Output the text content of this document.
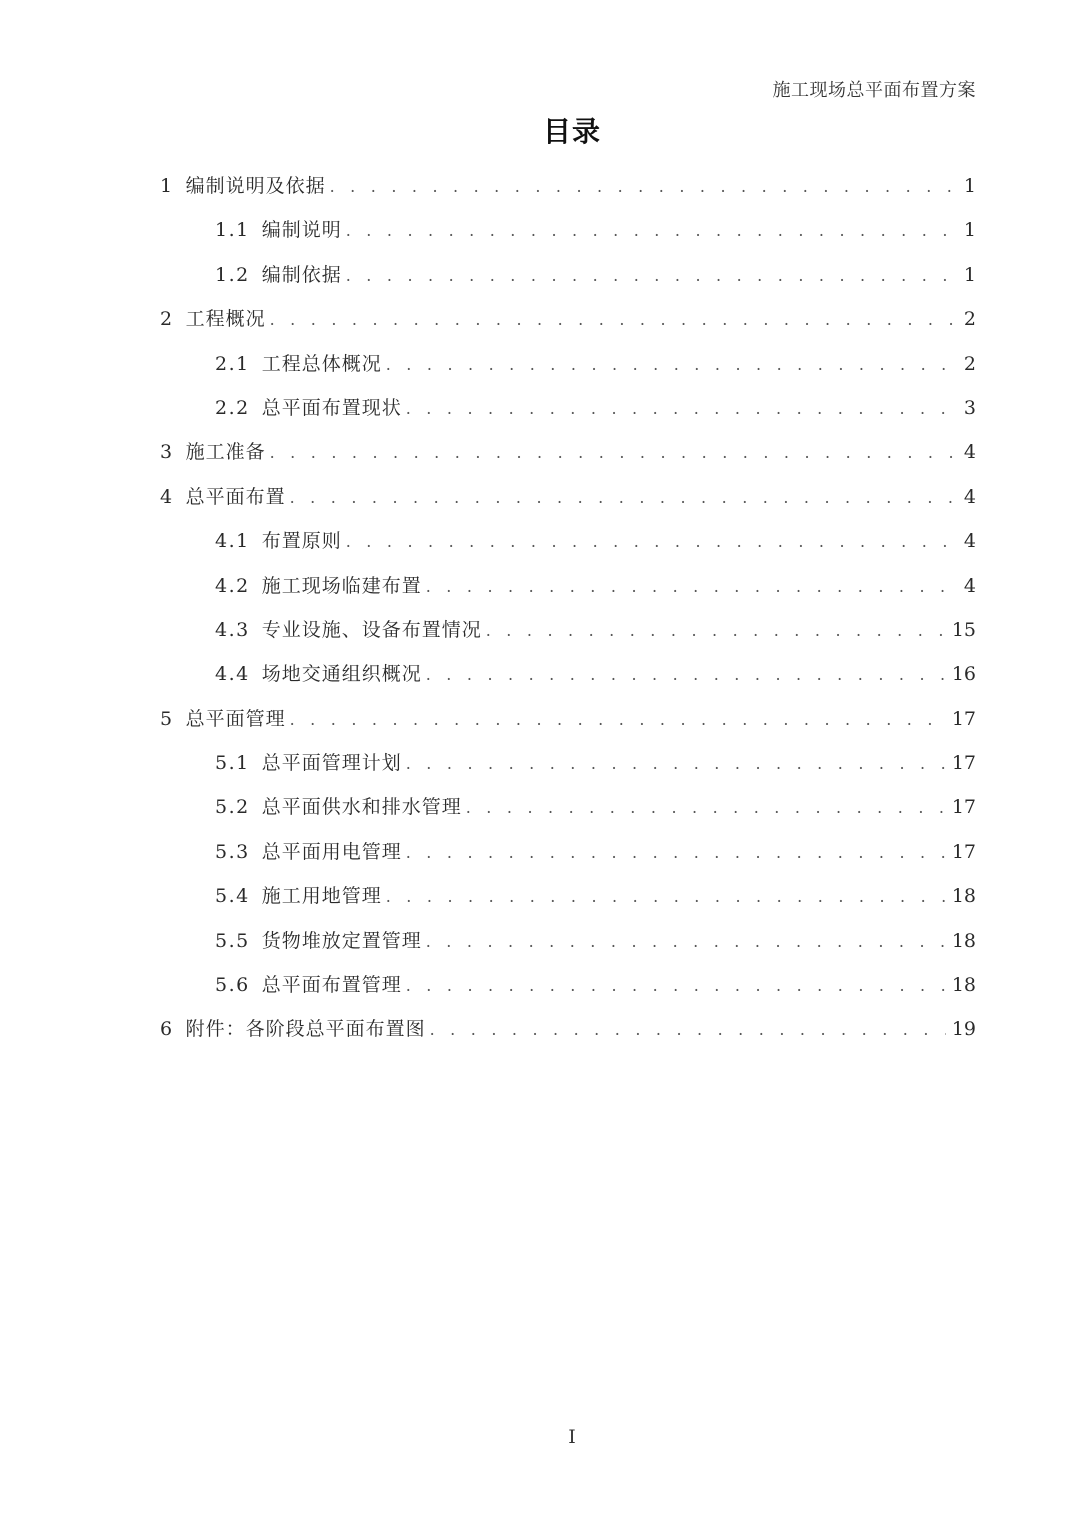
施工现场总平面布置方案
目录
1 编制说明及依据 . . .	1
1.1 编制说明 . . .	1
1.2 编制依据 . . .	1
2 工程概况 . . .	2
2.1 工程总体概况 . . .	2
2.2 总平面布置现状 . . .	3
3 施工准备 . . .	4
4 总平面布置 . . .	4
4.1 布置原则 . . .	4
4.2 施工现场临建布置 . . .	4
4.3 专业设施、设备布置情况 . . .	15
4.4 场地交通组织概况 . . .	16
5 总平面管理 . . .	17
5.1 总平面管理计划 . . .	17
5.2 总平面供水和排水管理 . . .	17
5.3 总平面用电管理 . . .	17
5.4 施工用地管理 . . .	18
5.5 货物堆放定置管理 . . .	18
5.6 总平面布置管理 . . .	18
6 附件：各阶段总平面布置图 . . .	19
I
